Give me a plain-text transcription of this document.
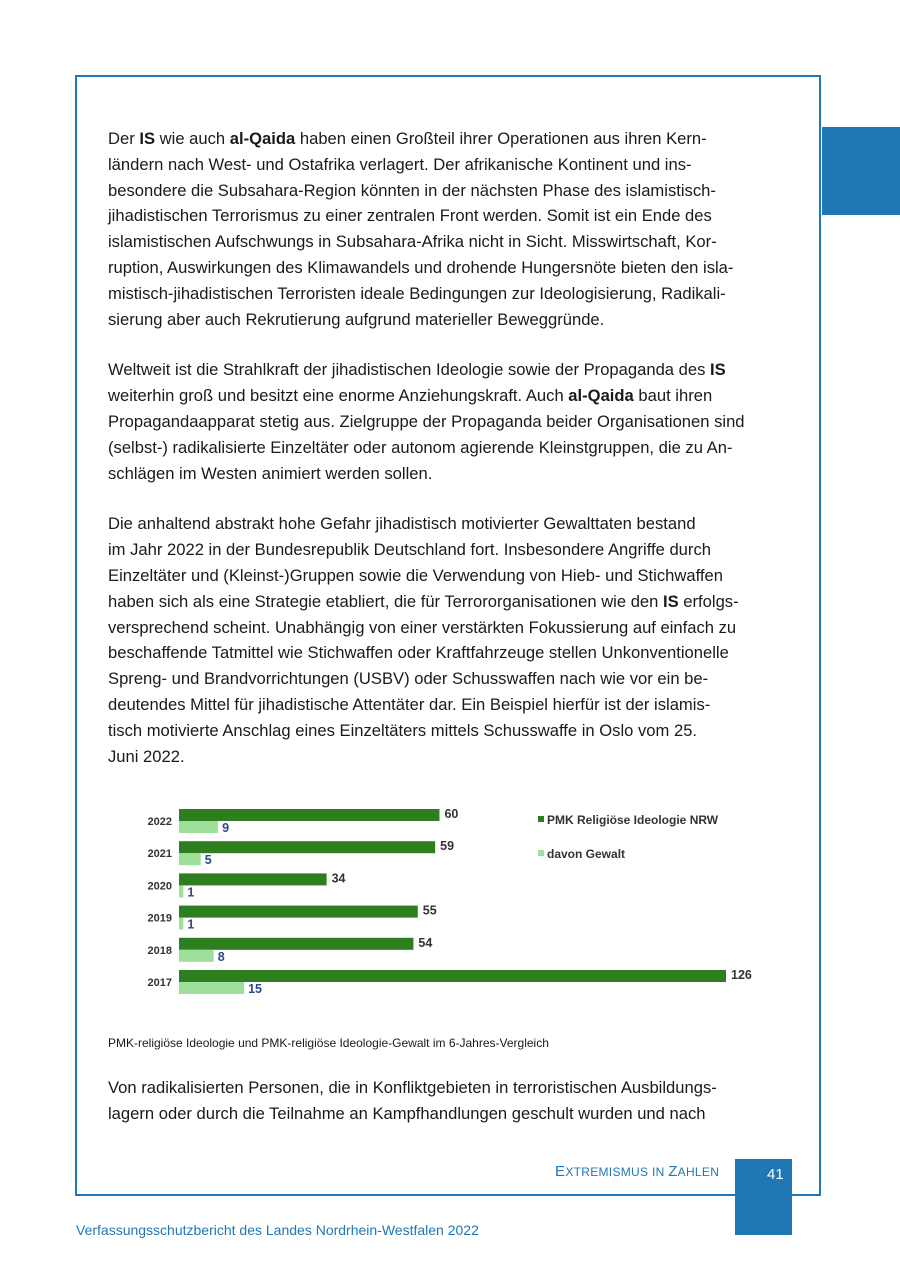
Der IS wie auch al-Qaida haben einen Großteil ihrer Operationen aus ihren Kern-
ländern nach West- und Ostafrika verlagert. Der afrikanische Kontinent und ins-
besondere die Subsahara-Region könnten in der nächsten Phase des islamistisch-
jihadistischen Terrorismus zu einer zentralen Front werden. Somit ist ein Ende des
islamistischen Aufschwungs in Subsahara-Afrika nicht in Sicht. Misswirtschaft, Kor-
ruption, Auswirkungen des Klimawandels und drohende Hungersnöte bieten den isla-
mistisch-jihadistischen Terroristen ideale Bedingungen zur Ideologisierung, Radikali-
sierung aber auch Rekrutierung aufgrund materieller Beweggründe.

Weltweit ist die Strahlkraft der jihadistischen Ideologie sowie der Propaganda des IS
weiterhin groß und besitzt eine enorme Anziehungskraft. Auch al-Qaida baut ihren
Propagandaapparat stetig aus. Zielgruppe der Propaganda beider Organisationen sind
(selbst-) radikalisierte Einzeltäter oder autonom agierende Kleinstgruppen, die zu An-
schlägen im Westen animiert werden sollen.

Die anhaltend abstrakt hohe Gefahr jihadistisch motivierter Gewalttaten bestand
im Jahr 2022 in der Bundesrepublik Deutschland fort. Insbesondere Angriffe durch
Einzeltäter und (Kleinst-)Gruppen sowie die Verwendung von Hieb- und Stichwaffen
haben sich als eine Strategie etabliert, die für Terrororganisationen wie den IS erfolgs-
versprechend scheint. Unabhängig von einer verstärkten Fokussierung auf einfach zu
beschaffende Tatmittel wie Stichwaffen oder Kraftfahrzeuge stellen Unkonventionelle
Spreng- und Brandvorrichtungen (USBV) oder Schusswaffen nach wie vor ein be-
deutendes Mittel für jihadistische Attentäter dar. Ein Beispiel hierfür ist der islamis-
tisch motivierte Anschlag eines Einzeltäters mittels Schusswaffe in Oslo vom 25.
Juni 2022.

2022
60
9
2021
59
5
2020
34
1
2019
55
1
2018
54
8
2017
126
15
PMK Religiöse Ideologie NRW
davon Gewalt
PMK-religiöse Ideologie und PMK-religiöse Ideologie-Gewalt im 6-Jahres-Vergleich

Von radikalisierten Personen, die in Konfliktgebieten in terroristischen Ausbildungs-
lagern oder durch die Teilnahme an Kampfhandlungen geschult wurden und nach

EXTREMISMUS IN ZAHLEN	41
Verfassungsschutzbericht des Landes Nordrhein-Westfalen 2022
